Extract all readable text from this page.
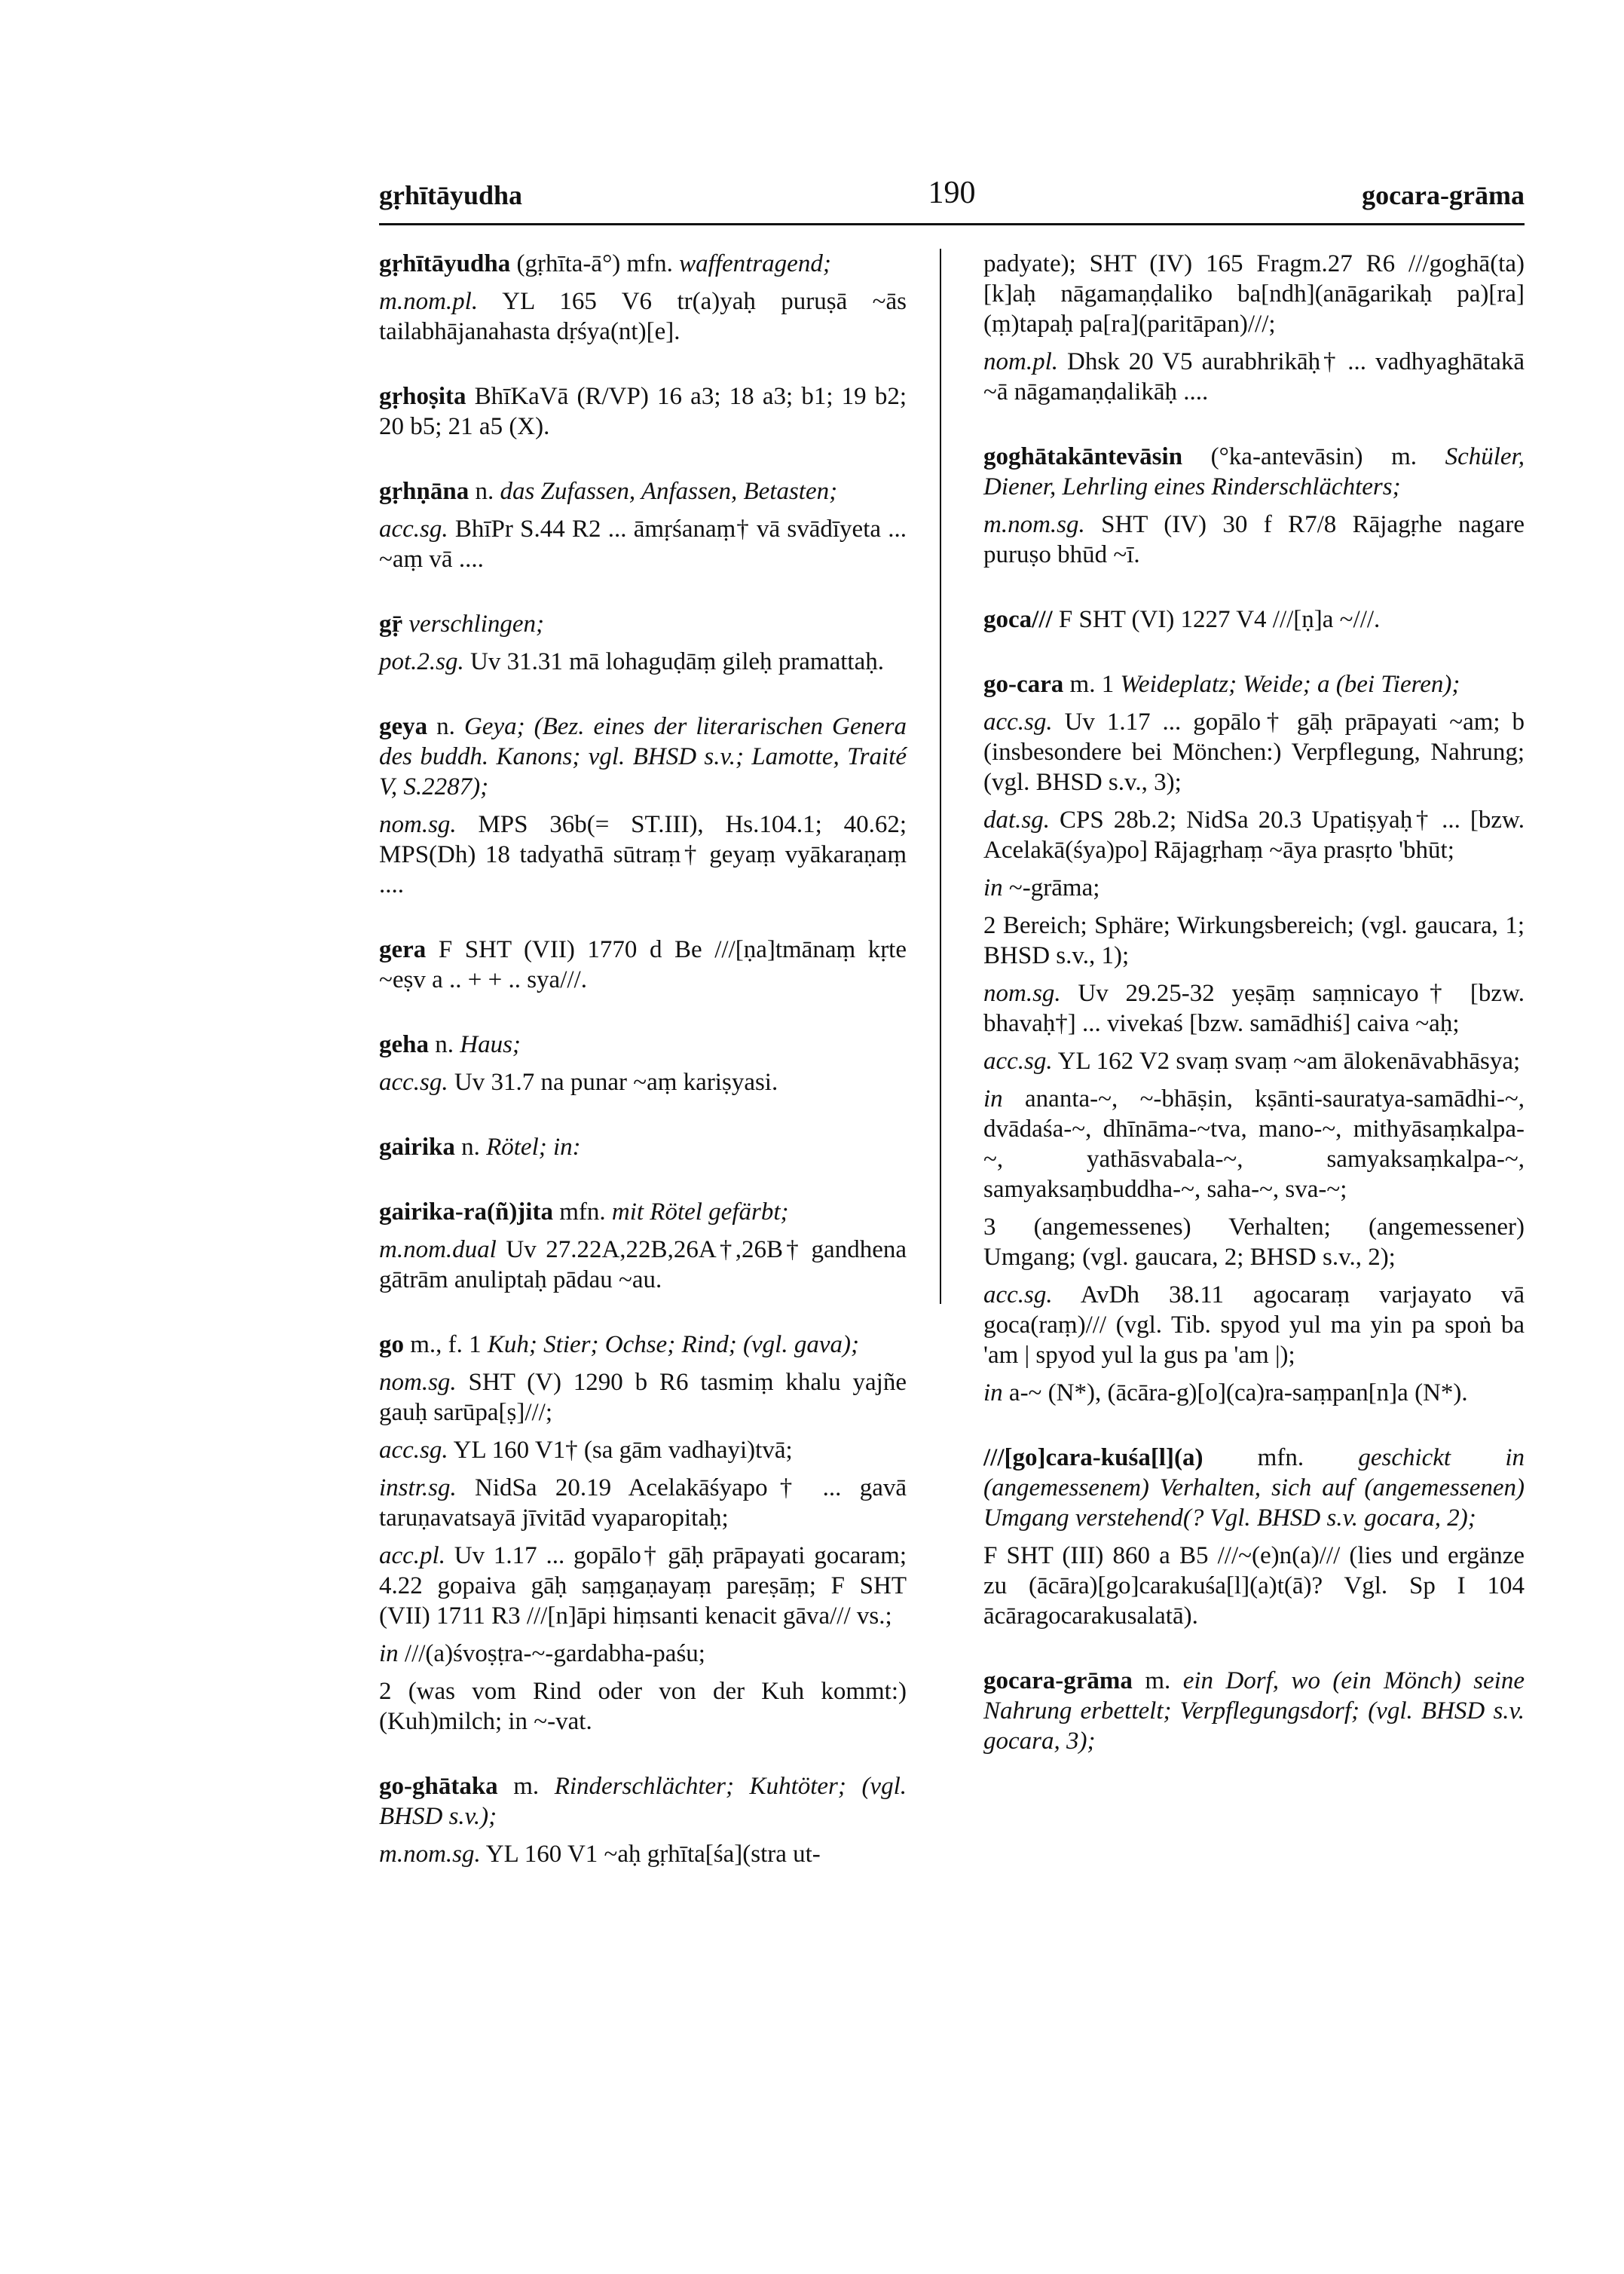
gṛhītāyudha	190	gocara-grāma

gṛhītāyudha (gṛhīta-ā°) mfn. waffentragend;

m.nom.pl. YL 165 V6 tr(a)yaḥ puruṣā ~ās tailabhājanahasta dṛśya(nt)[e].

gṛhoṣita BhīKaVā (R/VP) 16 a3; 18 a3; b1; 19 b2; 20 b5; 21 a5 (X).

gṛhṇāna n. das Zufassen, Anfassen, Betasten;

acc.sg. BhīPr S.44 R2 ... āmṛśanaṃ† vā svādīyeta ... ~aṃ vā ....

gṝ verschlingen;

pot.2.sg. Uv 31.31 mā lohaguḍāṃ gileḥ pramattaḥ.

geya n. Geya; (Bez. eines der literarischen Genera des buddh. Kanons; vgl. BHSD s.v.; Lamotte, Traité V, S.2287);

nom.sg. MPS 36b(= ST.III), Hs.104.1; 40.62; MPS(Dh) 18 tadyathā sūtraṃ† geyaṃ vyākaraṇaṃ ....

gera F SHT (VII) 1770 d Be ///[ṇa]tmānaṃ kṛte ~eṣv a .. + + .. sya///.

geha n. Haus;

acc.sg. Uv 31.7 na punar ~aṃ kariṣyasi.

gairika n. Rötel; in:

gairika-ra(ñ)jita mfn. mit Rötel gefärbt;

m.nom.dual Uv 27.22A,22B,26A†,26B† gandhena gātrām anuliptaḥ pādau ~au.

go m., f. 1 Kuh; Stier; Ochse; Rind; (vgl. gava);

nom.sg. SHT (V) 1290 b R6 tasmiṃ khalu yajñe gauḥ sarūpa[ṣ]///;

acc.sg. YL 160 V1† (sa gām vadhayi)tvā;

instr.sg. NidSa 20.19 Acelakāśyapo† ... gavā taruṇavatsayā jīvitād vyaparopitaḥ;

acc.pl. Uv 1.17 ... gopālo† gāḥ prāpayati gocaram; 4.22 gopaiva gāḥ saṃgaṇayaṃ pareṣāṃ; F SHT (VII) 1711 R3 ///[n]āpi hiṃsanti kenacit gāva/// vs.;

in ///(a)śvoṣṭra-~-gardabha-paśu;

2 (was vom Rind oder von der Kuh kommt:) (Kuh)milch; in ~-vat.

go-ghātaka m. Rinderschlächter; Kuhtöter; (vgl. BHSD s.v.);

m.nom.sg. YL 160 V1 ~aḥ gṛhīta[śa](stra ut-

padyate); SHT (IV) 165 Fragm.27 R6 ///goghā(ta)[k]aḥ nāgamaṇḍaliko ba[ndh](anāgarikaḥ pa)[ra](ṃ)tapaḥ pa[ra](paritāpan)///;

nom.pl. Dhsk 20 V5 aurabhrikāḥ† ... vadhyaghātakā ~ā nāgamaṇḍalikāḥ ....

goghātakāntevāsin (°ka-antevāsin) m. Schüler, Diener, Lehrling eines Rinderschlächters;

m.nom.sg. SHT (IV) 30 f R7/8 Rājagṛhe nagare puruṣo bhūd ~ī.

goca/// F SHT (VI) 1227 V4 ///[ṇ]a ~///.

go-cara m. 1 Weideplatz; Weide; a (bei Tieren);

acc.sg. Uv 1.17 ... gopālo† gāḥ prāpayati ~am; b (insbesondere bei Mönchen:) Verpflegung, Nahrung; (vgl. BHSD s.v., 3);

dat.sg. CPS 28b.2; NidSa 20.3 Upatiṣyaḥ† ... [bzw. Acelakā(śya)po] Rājagṛhaṃ ~āya prasṛto 'bhūt;

in ~-grāma;

2 Bereich; Sphäre; Wirkungsbereich; (vgl. gaucara, 1; BHSD s.v., 1);

nom.sg. Uv 29.25-32 yeṣāṃ saṃnicayo† [bzw. bhavaḥ†] ... vivekaś [bzw. samādhiś] caiva ~aḥ;

acc.sg. YL 162 V2 svaṃ svaṃ ~am ālokenāvabhāsya;

in ananta-~, ~-bhāṣin, kṣānti-sauratya-samādhi-~, dvādaśa-~, dhīnāma-~tva, mano-~, mithyāsaṃkalpa-~, yathāsvabala-~, samyaksaṃkalpa-~, samyaksaṃbuddha-~, saha-~, sva-~;

3 (angemessenes) Verhalten; (angemessener) Umgang; (vgl. gaucara, 2; BHSD s.v., 2);

acc.sg. AvDh 38.11 agocaraṃ varjayato vā goca(raṃ)/// (vgl. Tib. spyod yul ma yin pa spoṅ ba 'am | spyod yul la gus pa 'am |);

in a-~ (N*), (ācāra-g)[o](ca)ra-saṃpan[n]a (N*).

///[go]cara-kuśa[l](a) mfn. geschickt in (angemessenem) Verhalten, sich auf (angemessenen) Umgang verstehend(? Vgl. BHSD s.v. gocara, 2);

F SHT (III) 860 a B5 ///~(e)n(a)/// (lies und ergänze zu (ācāra)[go]carakuśa[l](a)t(ā)? Vgl. Sp I 104 ācāragocarakusalatā).

gocara-grāma m. ein Dorf, wo (ein Mönch) seine Nahrung erbettelt; Verpflegungsdorf; (vgl. BHSD s.v. gocara, 3);
